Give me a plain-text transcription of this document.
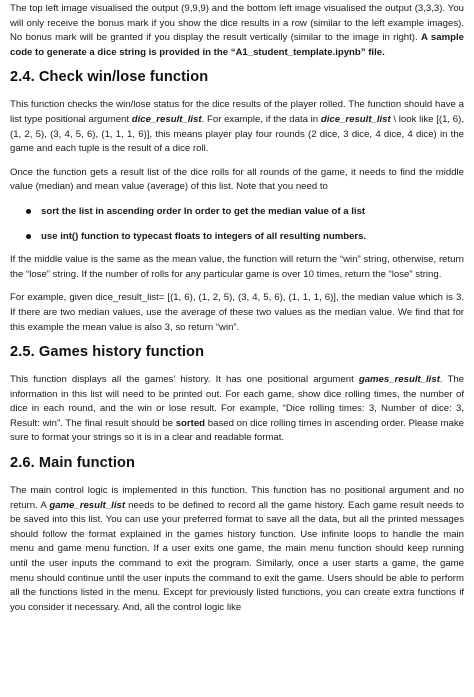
The top left image visualised the output (9,9,9) and the bottom left image visualised the output (3,3,3). You will only receive the bonus mark if you show the dice results in a row (similar to the left example images). No bonus mark will be granted if you display the result vertically (similar to the image in right). A sample code to generate a dice string is provided in the “A1_student_template.ipynb” file.

2.4. Check win/lose function

This function checks the win/lose status for the dice results of the player rolled. The function should have a list type positional argument dice_result_list. For example, if the data in dice_result_list \ look like [(1, 6), (1, 2, 5), (3, 4, 5, 6), (1, 1, 1, 6)], this means player play four rounds (2 dice, 3 dice, 4 dice, 4 dice) in the game and each tuple is the result of a dice roll.

Once the function gets a result list of the dice rolls for all rounds of the game, it needs to find the middle value (median) and mean value (average) of this list. Note that you need to

sort the list in ascending order In order to get the median value of a list
use int() function to typecast floats to integers of all resulting numbers.

If the middle value is the same as the mean value, the function will return the “win” string, otherwise, return the “lose” string. If the number of rolls for any particular game is over 10 times, return the “lose” string.

For example, given dice_result_list= [(1, 6), (1, 2, 5), (3, 4, 5, 6), (1, 1, 1, 6)], the median value which is 3. If there are two median values, use the average of these two values as the median value. We find that for this example the mean value is also 3, so return “win”.

2.5. Games history function

This function displays all the games’ history. It has one positional argument games_result_list. The information in this list will need to be printed out. For each game, show dice rolling times, the number of dice in each round, and the win or lose result. For example, “Dice rolling times: 3, Number of dice: 3, Result: win”. The final result should be sorted based on dice rolling times in ascending order. Please make sure to format your strings so it is in a clear and readable format.

2.6. Main function

The main control logic is implemented in this function. This function has no positional argument and no return. A game_result_list needs to be defined to record all the game history. Each game result needs to be saved into this list. You can use your preferred format to save all the data, but all the printed messages should follow the format explained in the games history function. Use infinite loops to handle the main menu and game menu function. If a user exits one game, the main menu function should keep running until the user inputs the command to exit the program. Similarly, once a user starts a game, the game menu should continue until the user inputs the command to exit the game. Users should be able to perform all the functions listed in the menu. Except for previously listed functions, you can create extra functions if you consider it necessary. And, all the control logic like
